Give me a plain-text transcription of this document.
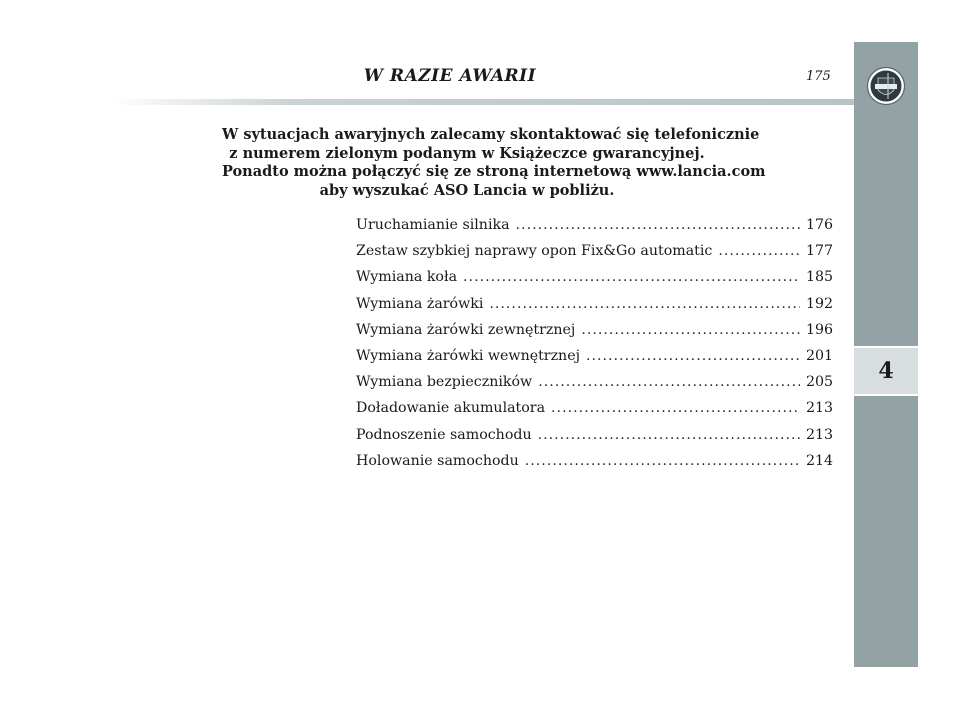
W RAZIE AWARII	175
4
W sytuacjach awaryjnych zalecamy skontaktować się telefonicznie
z numerem zielonym podanym w Książeczce gwarancyjnej.
Ponadto można połączyć się ze stroną internetową www.lancia.com
aby wyszukać ASO Lancia w pobliżu.
Uruchamianie silnika .....	176
Zestaw szybkiej naprawy opon Fix&Go automatic .....	177
Wymiana koła .....	185
Wymiana żarówki .....	192
Wymiana żarówki zewnętrznej .....	196
Wymiana żarówki wewnętrznej .....	201
Wymiana bezpieczników .....	205
Doładowanie akumulatora .....	213
Podnoszenie samochodu .....	213
Holowanie samochodu .....	214
